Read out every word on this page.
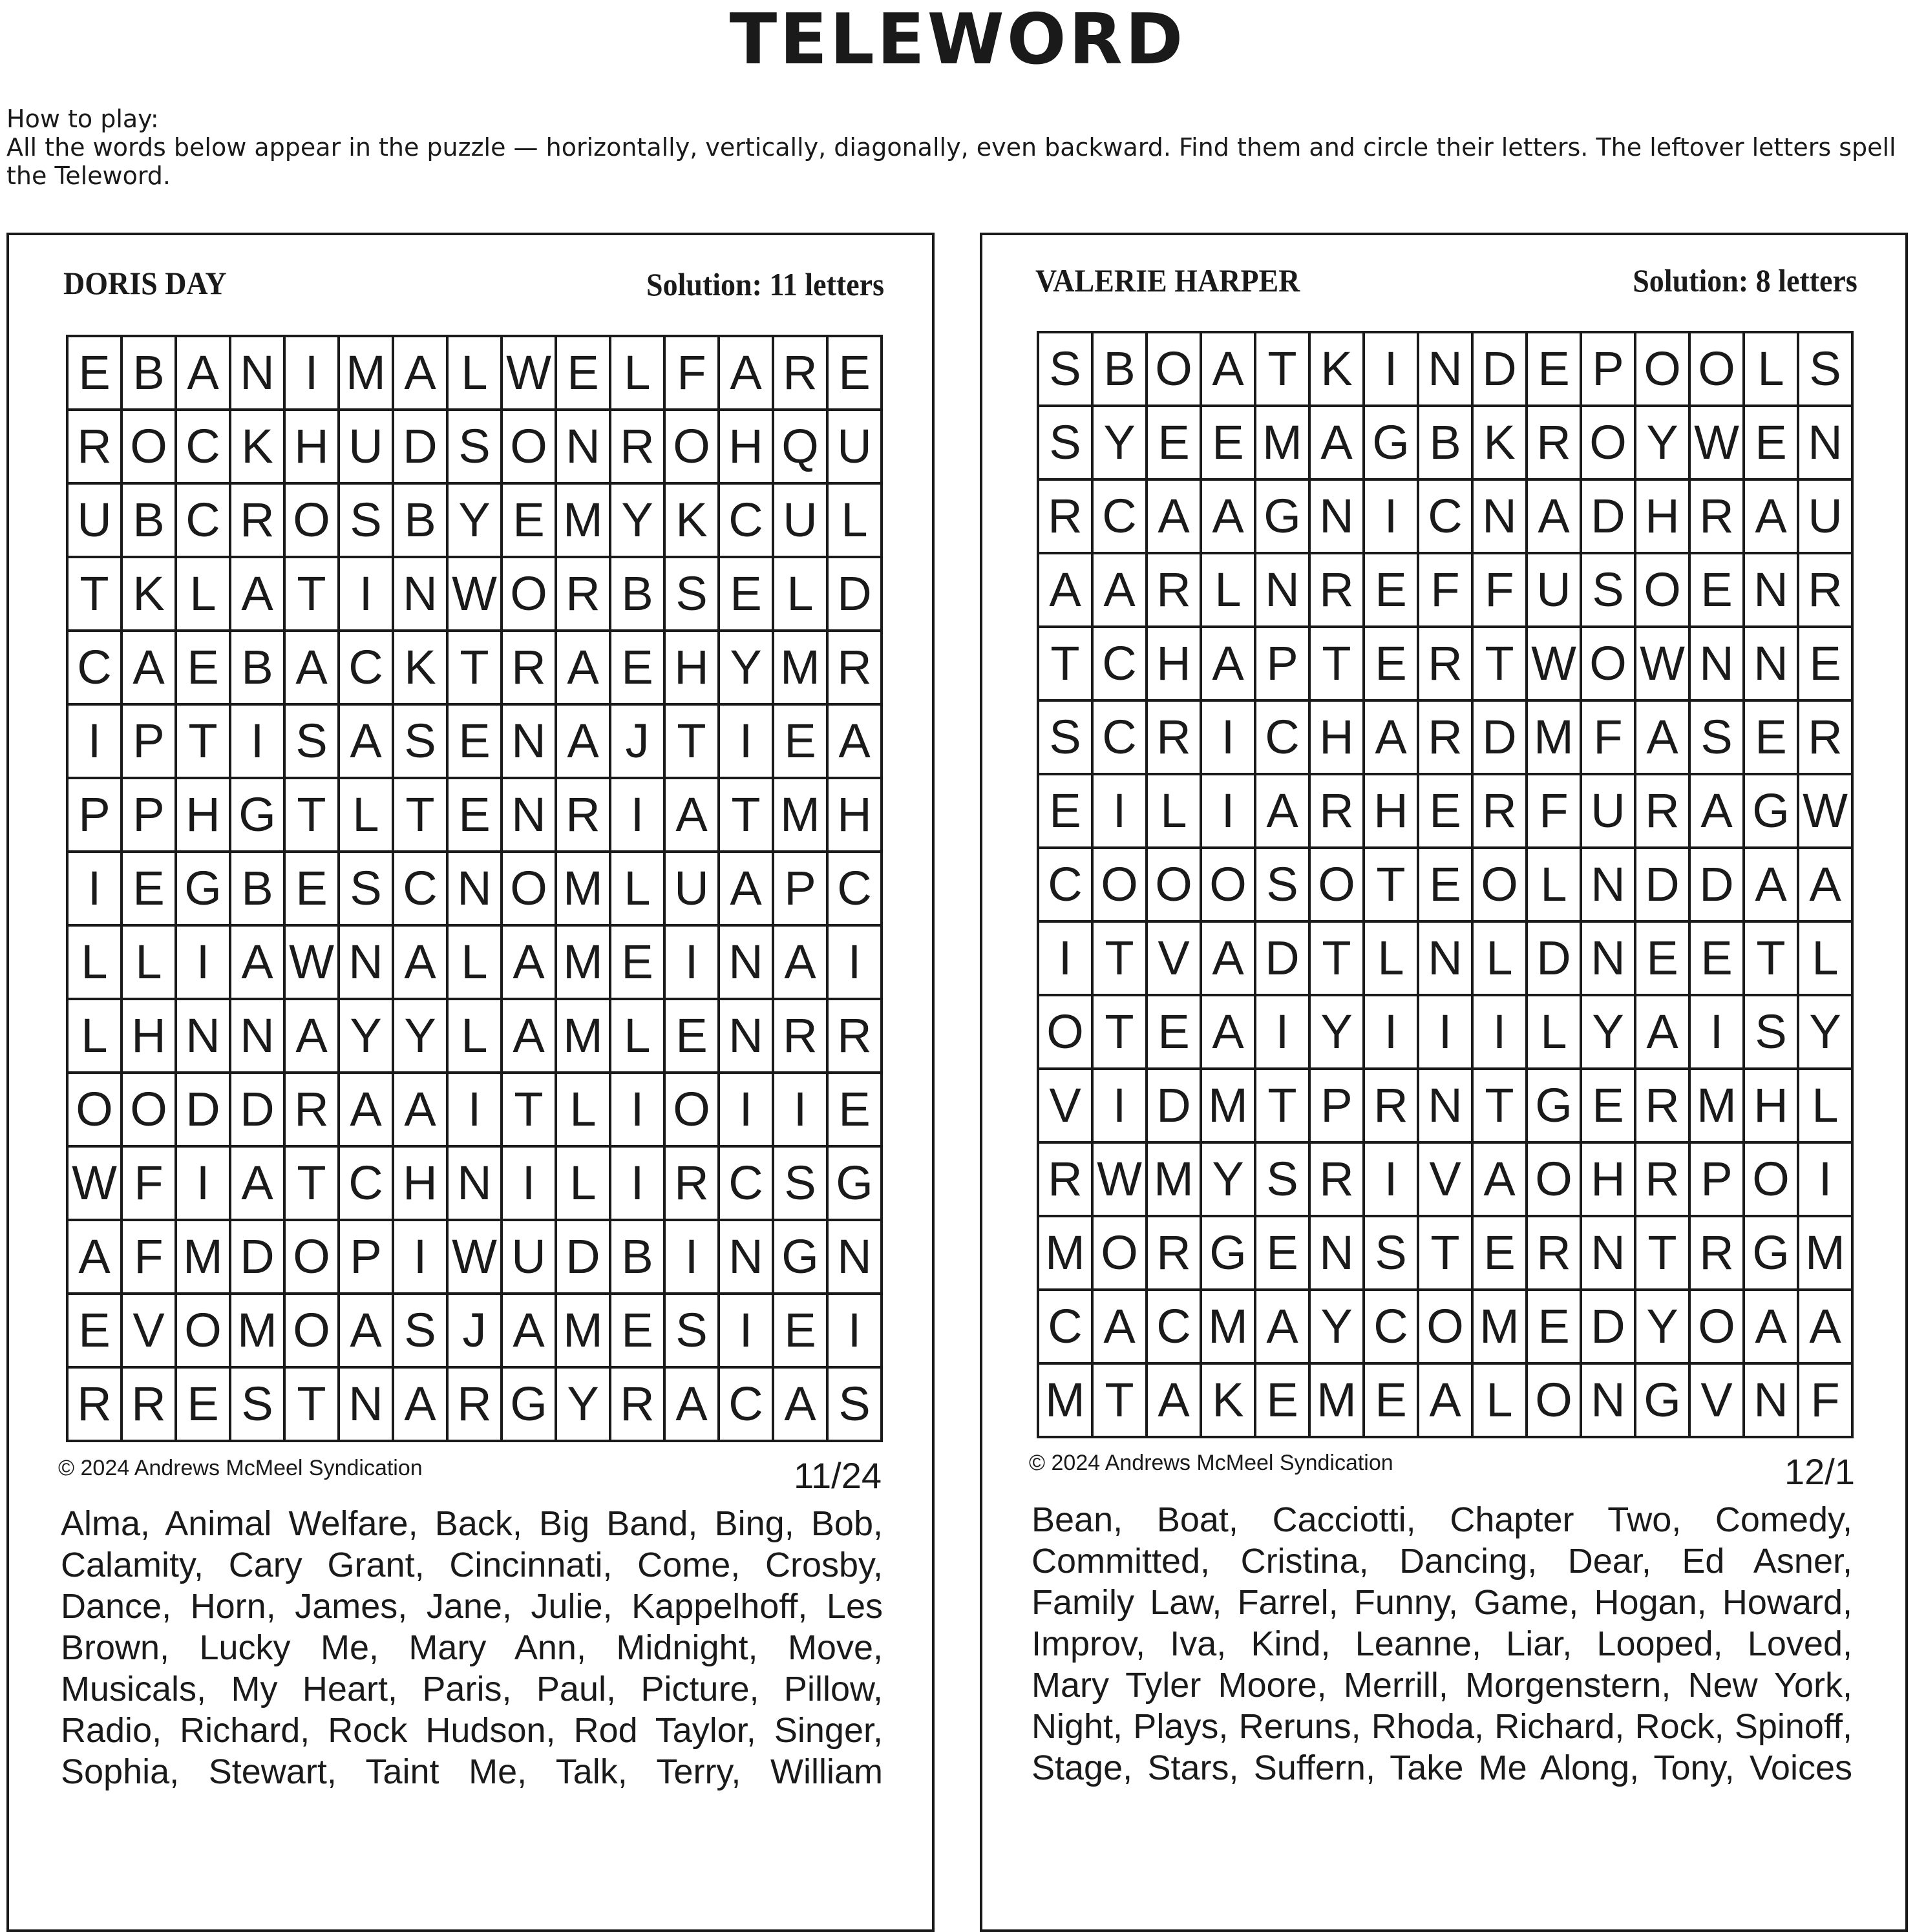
TELEWORD
How to play:
All the words below appear in the puzzle — horizontally, vertically, diagonally, even backward. Find them and circle their letters. The leftover letters spell the Teleword.
DORIS DAY	Solution: 11 letters
E B A N I M A L W E L F A R E
R O C K H U D S O N R O H Q U
U B C R O S B Y E M Y K C U L
T K L A T I N W O R B S E L D
C A E B A C K T R A E H Y M R
I P T I S A S E N A J T I E A
P P H G T L T E N R I A T M H
I E G B E S C N O M L U A P C
L L I A W N A L A M E I N A I
L H N N A Y Y L A M L E N R R
O O D D R A A I T L I O I I E
W F I A T C H N I L I R C S G
A F M D O P I W U D B I N G N
E V O M O A S J A M E S I E I
R R E S T N A R G Y R A C A S
© 2024 Andrews McMeel Syndication	11/24
Alma, Animal Welfare, Back, Big Band, Bing, Bob,
Calamity, Cary Grant, Cincinnati, Come, Crosby,
Dance, Horn, James, Jane, Julie, Kappelhoff, Les
Brown, Lucky Me, Mary Ann, Midnight, Move,
Musicals, My Heart, Paris, Paul, Picture, Pillow,
Radio, Richard, Rock Hudson, Rod Taylor, Singer,
Sophia, Stewart, Taint Me, Talk, Terry, William
VALERIE HARPER	Solution: 8 letters
S B O A T K I N D E P O O L S
S Y E E M A G B K R O Y W E N
R C A A G N I C N A D H R A U
A A R L N R E F F U S O E N R
T C H A P T E R T W O W N N E
S C R I C H A R D M F A S E R
E I L I A R H E R F U R A G W
C O O O S O T E O L N D D A A
I T V A D T L N L D N E E T L
O T E A I Y I I I L Y A I S Y
V I D M T P R N T G E R M H L
R W M Y S R I V A O H R P O I
M O R G E N S T E R N T R G M
C A C M A Y C O M E D Y O A A
M T A K E M E A L O N G V N F
© 2024 Andrews McMeel Syndication	12/1
Bean, Boat, Cacciotti, Chapter Two, Comedy,
Committed, Cristina, Dancing, Dear, Ed Asner,
Family Law, Farrel, Funny, Game, Hogan, Howard,
Improv, Iva, Kind, Leanne, Liar, Looped, Loved,
Mary Tyler Moore, Merrill, Morgenstern, New York,
Night, Plays, Reruns, Rhoda, Richard, Rock, Spinoff,
Stage, Stars, Suffern, Take Me Along, Tony, Voices
